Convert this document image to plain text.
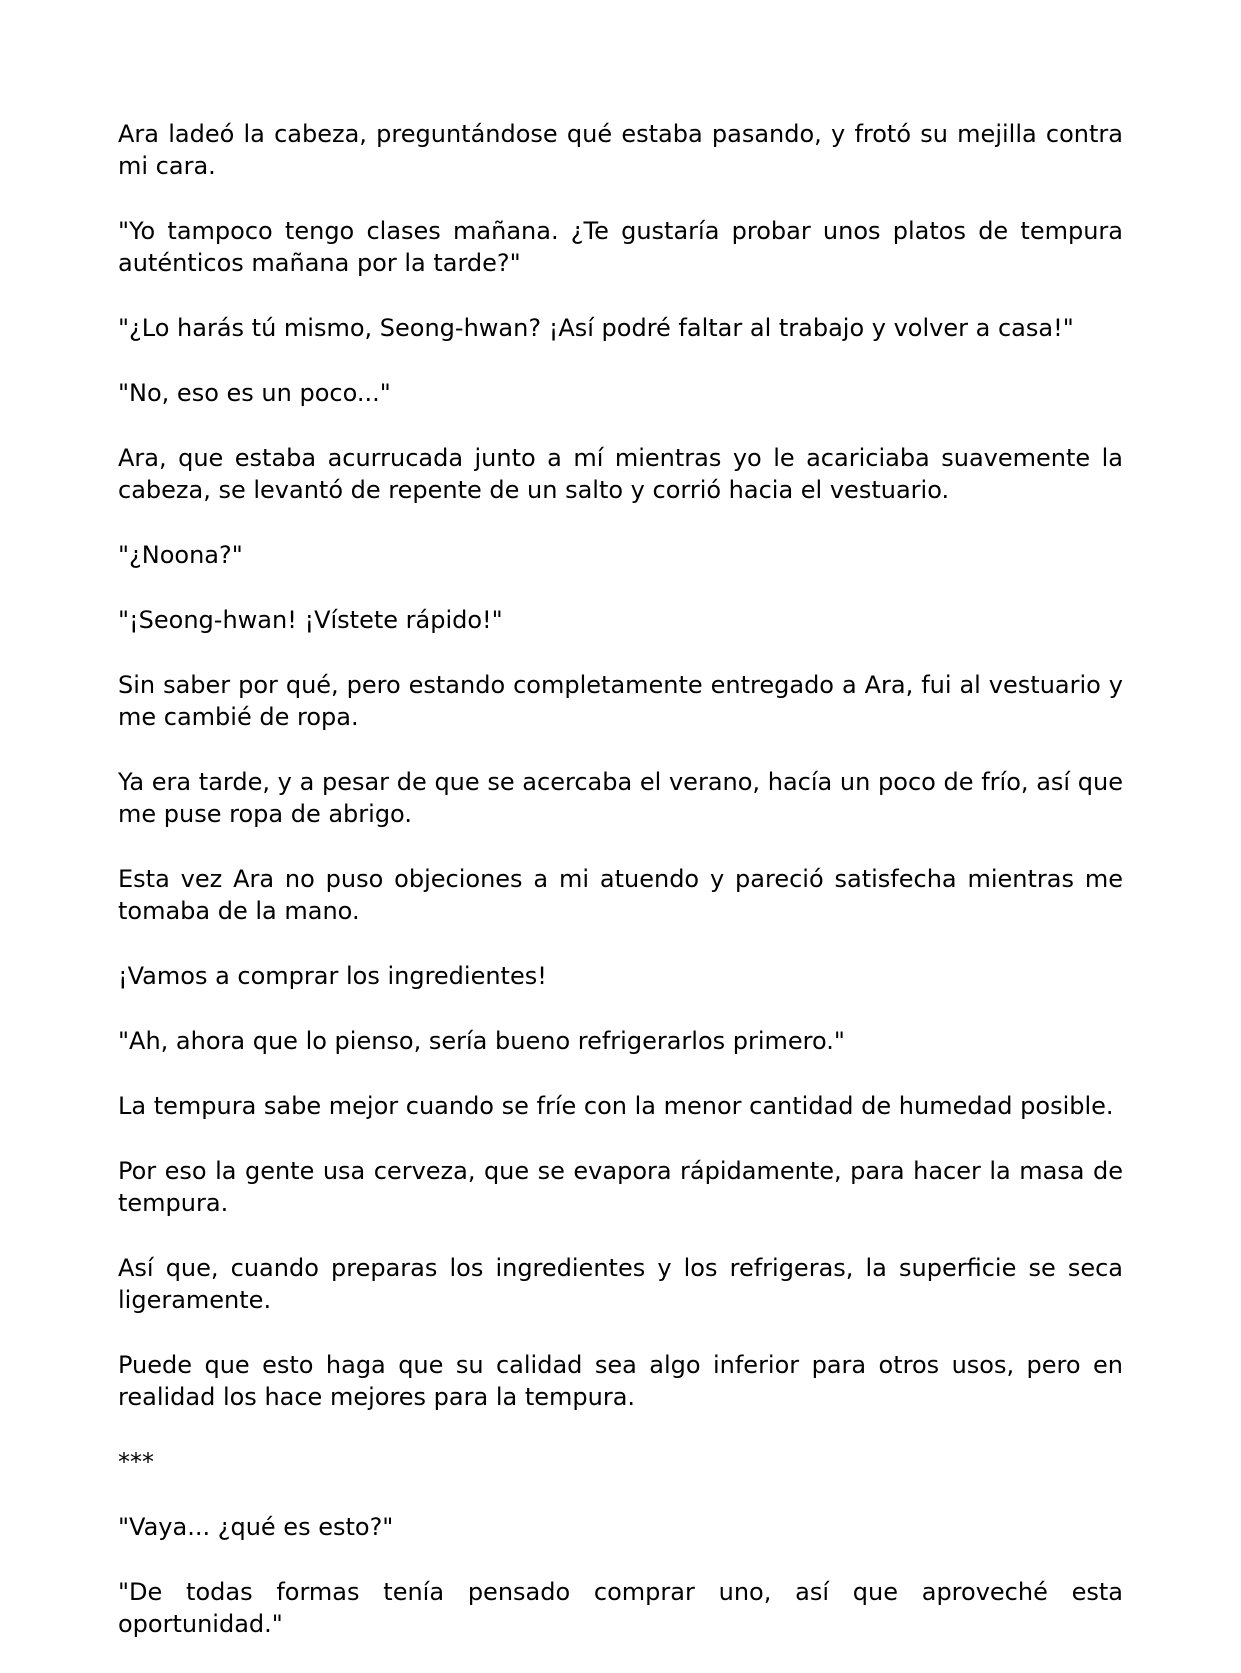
Ara ladeó la cabeza, preguntándose qué estaba pasando, y frotó su mejilla contra mi cara.

"Yo tampoco tengo clases mañana. ¿Te gustaría probar unos platos de tempura auténticos mañana por la tarde?"

"¿Lo harás tú mismo, Seong-hwan? ¡Así podré faltar al trabajo y volver a casa!"

"No, eso es un poco..."

Ara, que estaba acurrucada junto a mí mientras yo le acariciaba suavemente la cabeza, se levantó de repente de un salto y corrió hacia el vestuario.

"¿Noona?"

"¡Seong-hwan! ¡Vístete rápido!"

Sin saber por qué, pero estando completamente entregado a Ara, fui al vestuario y me cambié de ropa.

Ya era tarde, y a pesar de que se acercaba el verano, hacía un poco de frío, así que me puse ropa de abrigo.

Esta vez Ara no puso objeciones a mi atuendo y pareció satisfecha mientras me tomaba de la mano.

¡Vamos a comprar los ingredientes!

"Ah, ahora que lo pienso, sería bueno refrigerarlos primero."

La tempura sabe mejor cuando se fríe con la menor cantidad de humedad posible.

Por eso la gente usa cerveza, que se evapora rápidamente, para hacer la masa de tempura.

Así que, cuando preparas los ingredientes y los refrigeras, la superficie se seca ligeramente.

Puede que esto haga que su calidad sea algo inferior para otros usos, pero en realidad los hace mejores para la tempura.

***

"Vaya... ¿qué es esto?"

"De todas formas tenía pensado comprar uno, así que aproveché esta oportunidad."
